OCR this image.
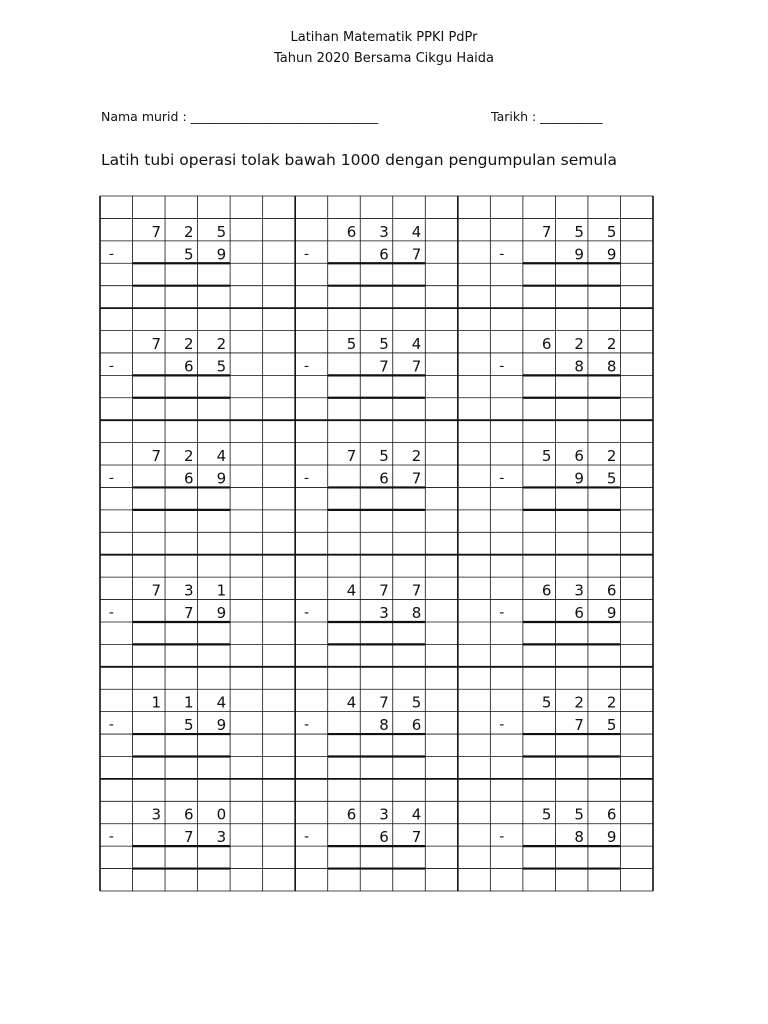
Latihan Matematik PPKI PdPr
Tahun 2020 Bersama Cikgu Haida
Nama murid : ______________________________	Tarikh : __________
Latih tubi operasi tolak bawah 1000 dengan pengumpulan semula
7 2 5
5 9
-
6 3 4
6 7
-
7 5 5
9 9
-
7 2 2
6 5
-
5 5 4
7 7
-
6 2 2
8 8
-
7 2 4
6 9
-
7 5 2
6 7
-
5 6 2
9 5
-
7 3 1
7 9
-
4 7 7
3 8
-
6 3 6
6 9
-
1 1 4
5 9
-
4 7 5
8 6
-
5 2 2
7 5
-
3 6 0
7 3
-
6 3 4
6 7
-
5 5 6
8 9
-
